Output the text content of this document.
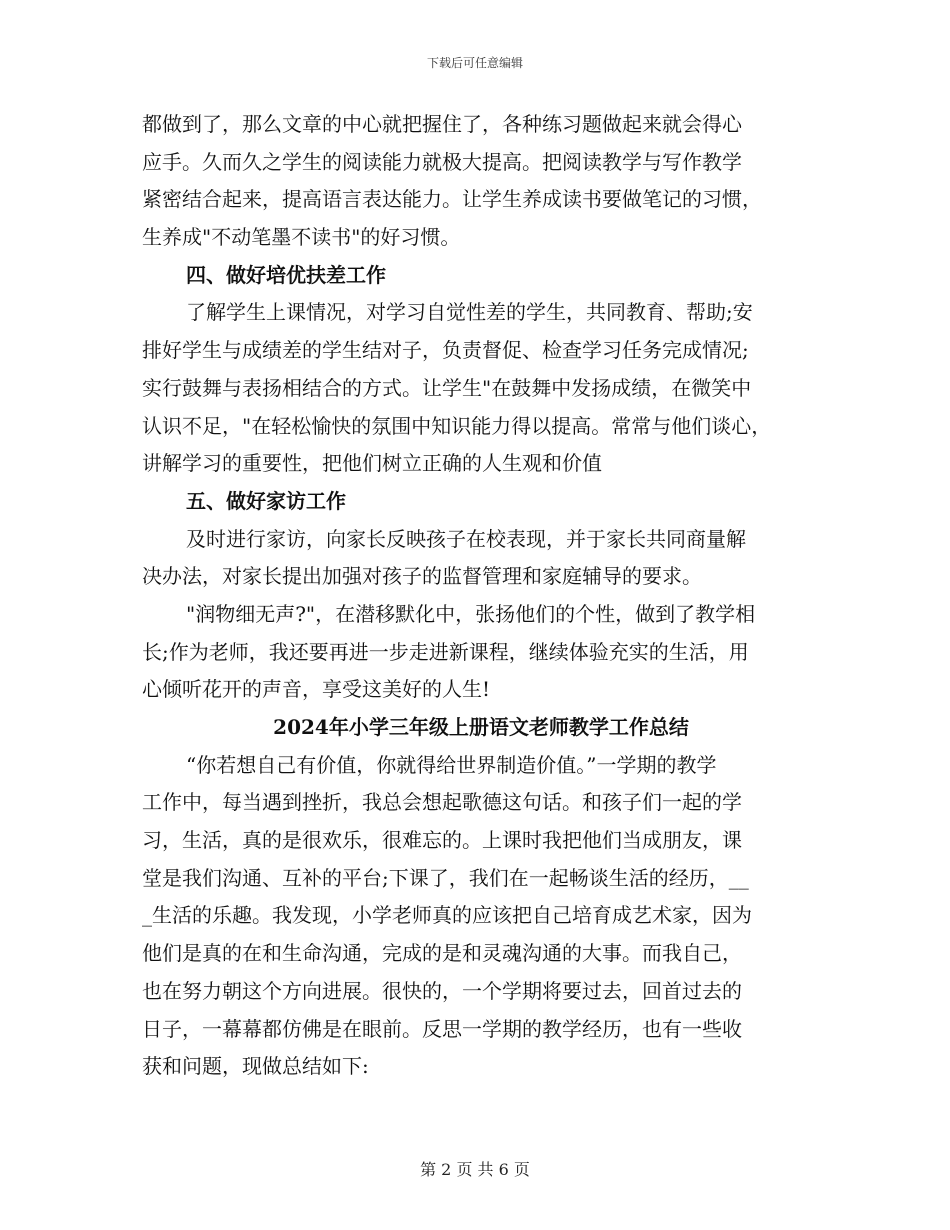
下载后可任意编辑
都做到了，那么文章的中心就把握住了，各种练习题做起来就会得心
应手。久而久之学生的阅读能力就极大提高。把阅读教学与写作教学
紧密结合起来，提高语言表达能力。让学生养成读书要做笔记的习惯，
生养成"不动笔墨不读书"的好习惯。
四、做好培优扶差工作
了解学生上课情况，对学习自觉性差的学生，共同教育、帮助;安
排好学生与成绩差的学生结对子，负责督促、检查学习任务完成情况;
实行鼓舞与表扬相结合的方式。让学生"在鼓舞中发扬成绩，在微笑中
认识不足，"在轻松愉快的氛围中知识能力得以提高。常常与他们谈心，
讲解学习的重要性，把他们树立正确的人生观和价值
五、做好家访工作
及时进行家访，向家长反映孩子在校表现，并于家长共同商量解
决办法，对家长提出加强对孩子的监督管理和家庭辅导的要求。
"润物细无声?"，在潜移默化中，张扬他们的个性，做到了教学相
长;作为老师，我还要再进一步走进新课程，继续体验充实的生活，用
心倾听花开的声音，享受这美好的人生!
2024年小学三年级上册语文老师教学工作总结
“你若想自己有价值，你就得给世界制造价值。”一学期的教学
工作中，每当遇到挫折，我总会想起歌德这句话。和孩子们一起的学
习，生活，真的是很欢乐，很难忘的。上课时我把他们当成朋友，课
堂是我们沟通、互补的平台;下课了，我们在一起畅谈生活的经历，__
_生活的乐趣。我发现，小学老师真的应该把自己培育成艺术家，因为
他们是真的在和生命沟通，完成的是和灵魂沟通的大事。而我自己，
也在努力朝这个方向进展。很快的，一个学期将要过去，回首过去的
日子，一幕幕都仿佛是在眼前。反思一学期的教学经历，也有一些收
获和问题，现做总结如下:
第 2 页 共 6 页
